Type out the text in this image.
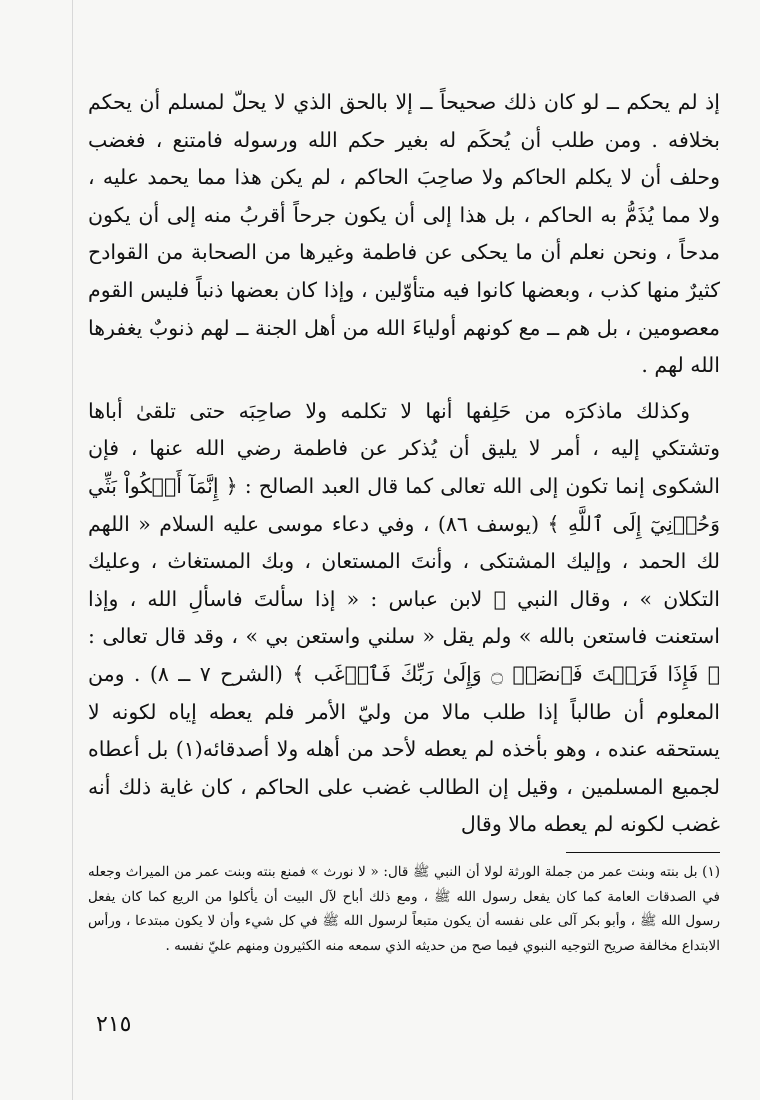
إذ لم يحكم ــ لو كان ذلك صحيحاً ــ إلا بالحق الذي لا يحلّ لمسلم أن يحكم بخلافه . ومن طلب أن يُحكَم له بغير حكم الله ورسوله فامتنع ، فغضب وحلف أن لا يكلم الحاكم ولا صاحِبَ الحاكم ، لم يكن هذا مما يحمد عليه ، ولا مما يُذَمُّ به الحاكم ، بل هذا إلى أن يكون جرحاً أقربُ منه إلى أن يكون مدحاً ، ونحن نعلم أن ما يحكى عن فاطمة وغيرها من الصحابة من القوادح كثيرٌ منها كذب ، وبعضها كانوا فيه متأوّلين ، وإذا كان بعضها ذنباً فليس القوم معصومين ، بل هم ــ مع كونهم أولياءَ الله من أهل الجنة ــ لهم ذنوبٌ يغفرها الله لهم .

وكذلك ماذكرَه من حَلِفها أنها لا تكلمه ولا صاحِبَه حتى تلقىٰ أباها وتشتكي إليه ، أمر لا يليق أن يُذكر عن فاطمة رضي الله عنها ، فإن الشكوى إنما تكون إلى الله تعالى كما قال العبد الصالح : ﴿ إِنَّمَآ أَشۡكُواْ بَثِّي وَحُزۡنِيٓ إِلَى ٱللَّهِ ﴾ (يوسف ٨٦) ، وفي دعاء موسى عليه السلام « اللهم لك الحمد ، وإليك المشتكى ، وأنتَ المستعان ، وبك المستغاث ، وعليك التكلان » ، وقال النبي ﷺ لابن عباس : « إذا سألتَ فاسألِ الله ، وإذا استعنت فاستعن بالله » ولم يقل « سلني واستعن بي » ، وقد قال تعالى : ﴿ فَإِذَا فَرَغۡتَ فَٱنصَبۡ ۝ وَإِلَىٰ رَبِّكَ فَٱرۡغَب ﴾ (الشرح ٧ ــ ٨) . ومن المعلوم أن طالباً إذا طلب مالا من وليّ الأمر فلم يعطه إياه لكونه لا يستحقه عنده ، وهو بأخذه لم يعطه لأحد من أهله ولا أصدقائه(١) بل أعطاه لجميع المسلمين ، وقيل إن الطالب غضب على الحاكم ، كان غاية ذلك أنه غضب لكونه لم يعطه مالا وقال

(١) بل بنته وبنت عمر من جملة الورثة لولا أن النبي ﷺ قال: « لا نورث » فمنع بنته وبنت عمر من الميراث وجعله في الصدقات العامة كما كان يفعل رسول الله ﷺ ، ومع ذلك أباح لآل البيت أن يأكلوا من الريع كما كان يفعل رسول الله ﷺ ، وأبو بكر آلى على نفسه أن يكون متبعاً لرسول الله ﷺ في كل شيء وأن لا يكون مبتدعا ، ورأس الابتداع مخالفة صريح التوجيه النبوي فيما صح من حديثه الذي سمعه منه الكثيرون ومنهم عليّ نفسه .

٢١٥
